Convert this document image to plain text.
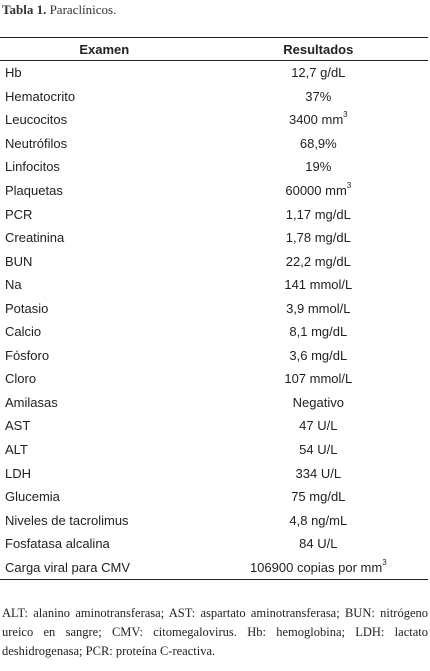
Tabla 1. Paraclínicos.
Examen	Resultados
Hb	12,7 g/dL
Hematocrito	37%
Leucocitos	3400 $mm^3$
Neutrófilos	68,9%
Linfocitos	19%
Plaquetas	60000 $mm^3$
PCR	1,17 mg/dL
Creatinina	1,78 mg/dL
BUN	22,2 mg/dL
Na	141 mmol/L
Potasio	3,9 mmol/L
Calcio	8,1 mg/dL
Fósforo	3,6 mg/dL
Cloro	107 mmol/L
Amilasas	Negativo
AST	47 U/L
ALT	54 U/L
LDH	334 U/L
Glucemia	75 mg/dL
Niveles de tacrolimus	4,8 ng/mL
Fosfatasa alcalina	84 U/L
Carga viral para CMV	106900 copias por $mm^3$
ALT: alanino aminotransferasa; AST: aspartato aminotransferasa; BUN: nitrógeno ureico en sangre; CMV: citomegalovirus. Hb: hemoglobina; LDH: lactato deshidrogenasa; PCR: proteína C-reactiva.
